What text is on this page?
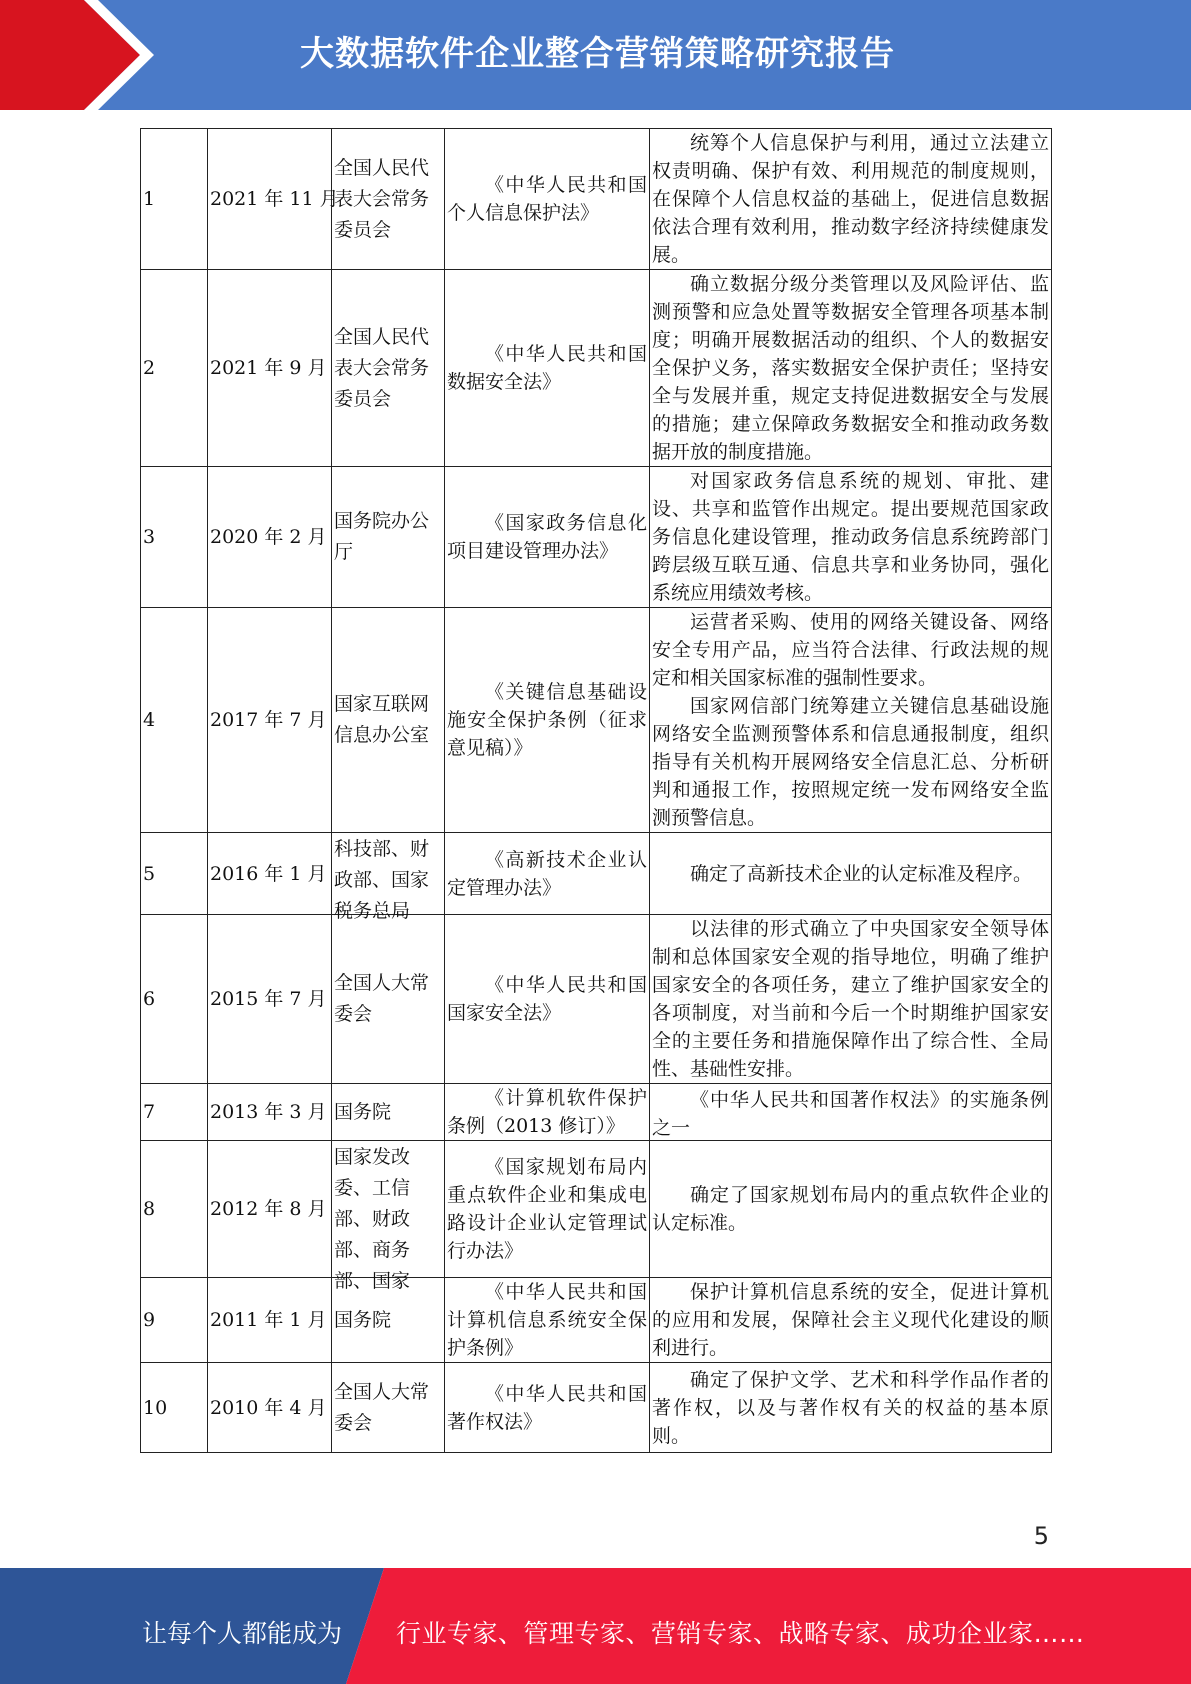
大数据软件企业整合营销策略研究报告
1	2021 年 11 月	全国人民代表大会常务委员会	《中华人民共和国个人信息保护法》	统筹个人信息保护与利用，通过立法建立权责明确、保护有效、利用规范的制度规则，在保障个人信息权益的基础上，促进信息数据依法合理有效利用，推动数字经济持续健康发展。

2	2021 年 9 月	全国人民代表大会常务委员会	《中华人民共和国数据安全法》	确立数据分级分类管理以及风险评估、监测预警和应急处置等数据安全管理各项基本制度；明确开展数据活动的组织、个人的数据安全保护义务，落实数据安全保护责任；坚持安全与发展并重，规定支持促进数据安全与发展的措施；建立保障政务数据安全和推动政务数据开放的制度措施。

3	2020 年 2 月	国务院办公厅	《国家政务信息化项目建设管理办法》	对国家政务信息系统的规划、审批、建设、共享和监管作出规定。提出要规范国家政务信息化建设管理，推动政务信息系统跨部门跨层级互联互通、信息共享和业务协同，强化系统应用绩效考核。

4	2017 年 7 月	国家互联网信息办公室	《关键信息基础设施安全保护条例（征求意见稿）》	运营者采购、使用的网络关键设备、网络安全专用产品，应当符合法律、行政法规的规定和相关国家标准的强制性要求。
国家网信部门统筹建立关键信息基础设施网络安全监测预警体系和信息通报制度，组织指导有关机构开展网络安全信息汇总、分析研判和通报工作，按照规定统一发布网络安全监测预警信息。

5	2016 年 1 月	科技部、财政部、国家税务总局	《高新技术企业认定管理办法》	确定了高新技术企业的认定标准及程序。

6	2015 年 7 月	全国人大常委会	《中华人民共和国国家安全法》	以法律的形式确立了中央国家安全领导体制和总体国家安全观的指导地位，明确了维护国家安全的各项任务，建立了维护国家安全的各项制度，对当前和今后一个时期维护国家安全的主要任务和措施保障作出了综合性、全局性、基础性安排。

7	2013 年 3 月	国务院	《计算机软件保护条例（2013 修订）》	《中华人民共和国著作权法》的实施条例之一

8	2012 年 8 月	国家发改委、工信部、财政部、商务部、国家	《国家规划布局内重点软件企业和集成电路设计企业认定管理试行办法》	确定了国家规划布局内的重点软件企业的认定标准。

9	2011 年 1 月	国务院	《中华人民共和国计算机信息系统安全保护条例》	保护计算机信息系统的安全，促进计算机的应用和发展，保障社会主义现代化建设的顺利进行。

10	2010 年 4 月	全国人大常委会	《中华人民共和国著作权法》	确定了保护文学、艺术和科学作品作者的著作权，以及与著作权有关的权益的基本原则。
5
让每个人都能成为 行业专家、管理专家、营销专家、战略专家、成功企业家……
